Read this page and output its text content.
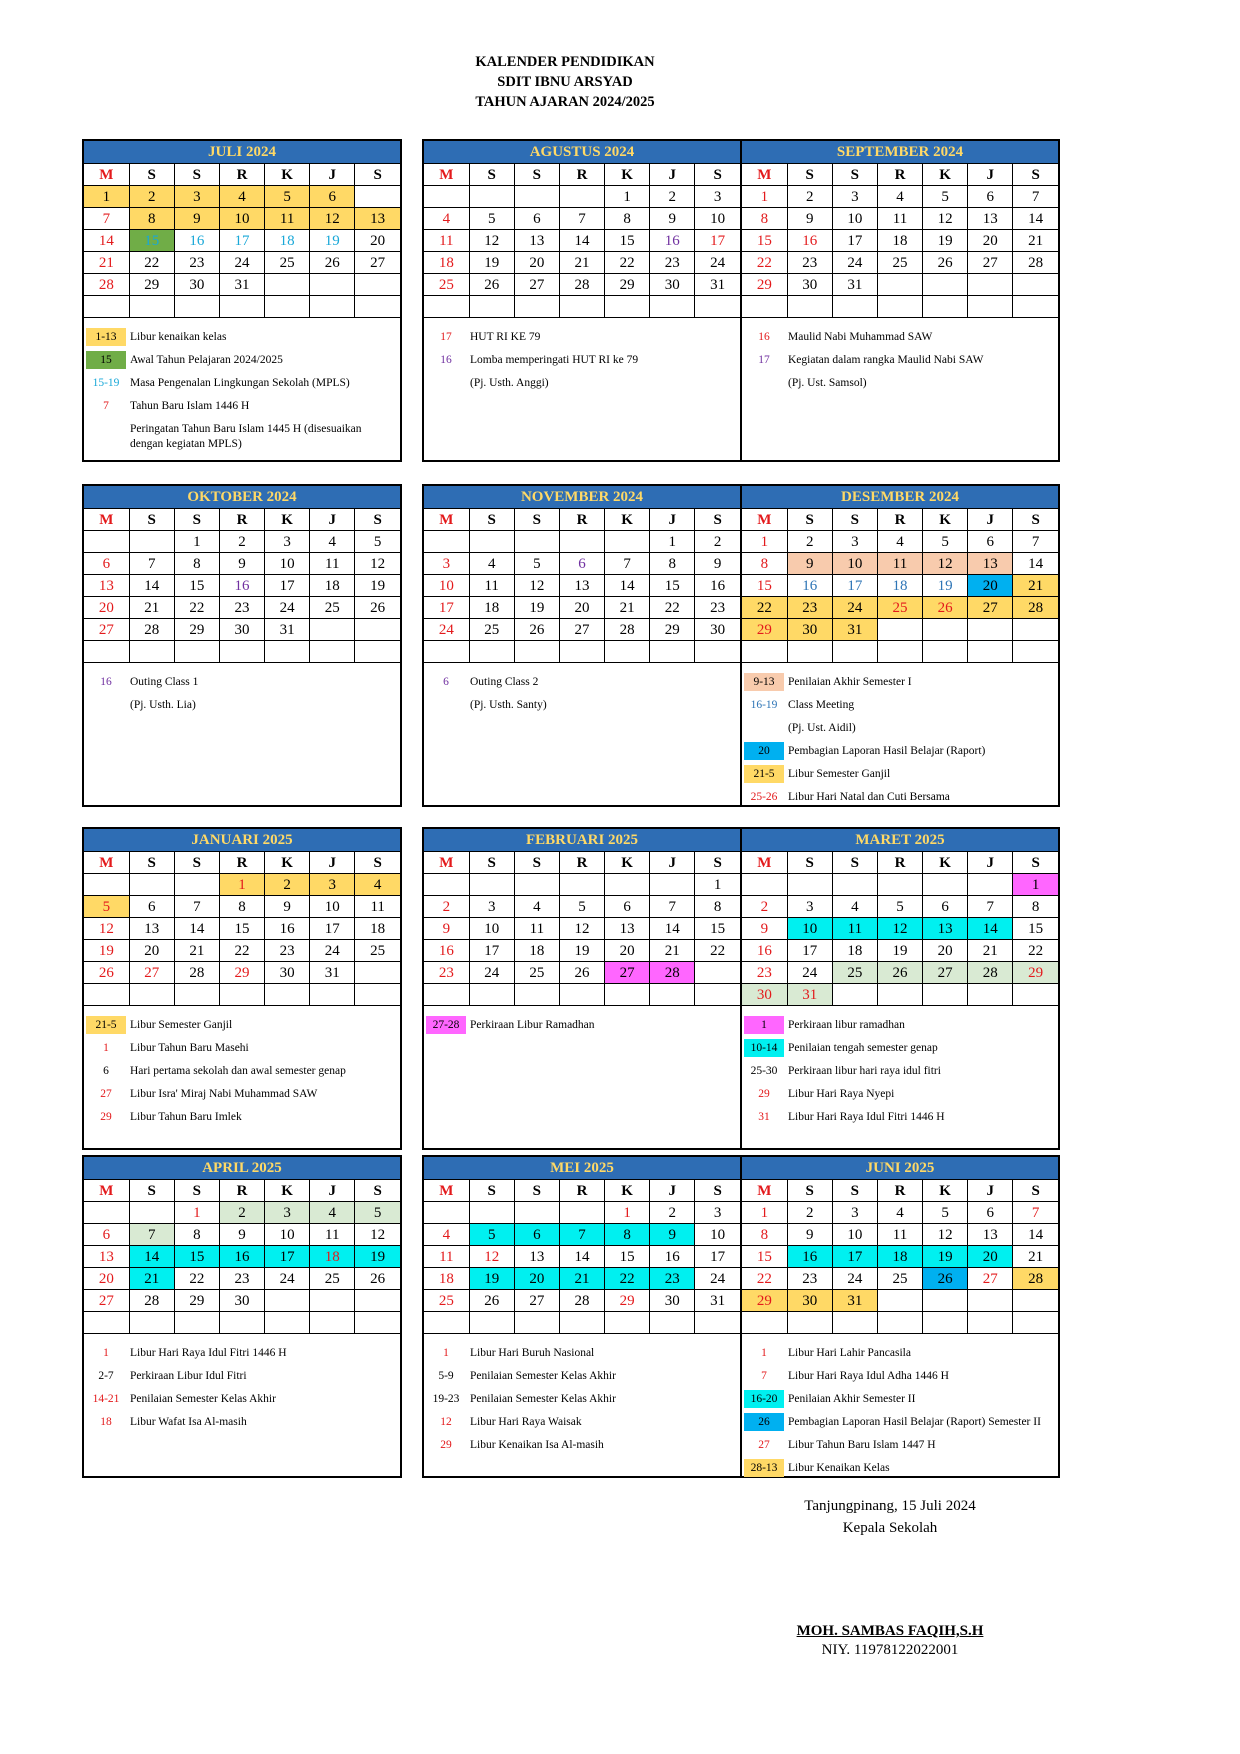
KALENDER PENDIDIKAN
SDIT IBNU ARSYAD
TAHUN AJARAN 2024/2025
JULI 2024
M	S	S	R	K	J	S
1	2	3	4	5	6	
7	8	9	10	11	12	13
14	15	16	17	18	19	20
21	22	23	24	25	26	27
28	29	30	31			

1-13	Libur kenaikan kelas
15	Awal Tahun Pelajaran 2024/2025
15-19 Masa Pengenalan Lingkungan Sekolah (MPLS)
7	Tahun Baru Islam 1446 H
Peringatan Tahun Baru Islam 1445 H (disesuaikan dengan kegiatan MPLS)
AGUSTUS 2024
M	S	S	R	K	J	S
				1	2	3
4	5	6	7	8	9	10
11	12	13	14	15	16	17
18	19	20	21	22	23	24
25	26	27	28	29	30	31

17	HUT RI KE 79
16	Lomba memperingati HUT RI ke 79
(Pj. Usth. Anggi)
SEPTEMBER 2024
M	S	S	R	K	J	S
1	2	3	4	5	6	7
8	9	10	11	12	13	14
15	16	17	18	19	20	21
22	23	24	25	26	27	28
29	30	31				

16	Maulid Nabi Muhammad SAW
17	Kegiatan dalam rangka Maulid Nabi SAW
(Pj. Ust. Samsol)
OKTOBER 2024
M	S	S	R	K	J	S
		1	2	3	4	5
6	7	8	9	10	11	12
13	14	15	16	17	18	19
20	21	22	23	24	25	26
27	28	29	30	31		

16	Outing Class 1
(Pj. Usth. Lia)
NOVEMBER 2024
M	S	S	R	K	J	S
					1	2
3	4	5	6	7	8	9
10	11	12	13	14	15	16
17	18	19	20	21	22	23
24	25	26	27	28	29	30

6	Outing Class 2
(Pj. Usth. Santy)
DESEMBER 2024
M	S	S	R	K	J	S
1	2	3	4	5	6	7
8	9	10	11	12	13	14
15	16	17	18	19	20	21
22	23	24	25	26	27	28
29	30	31				

9-13	Penilaian Akhir Semester I
16-19 Class Meeting
(Pj. Ust. Aidil)
20	Pembagian Laporan Hasil Belajar (Raport)
21-5	Libur Semester Ganjil
25-26 Libur Hari Natal dan Cuti Bersama
JANUARI 2025
M	S	S	R	K	J	S
			1	2	3	4
5	6	7	8	9	10	11
12	13	14	15	16	17	18
19	20	21	22	23	24	25
26	27	28	29	30	31	

21-5	Libur Semester Ganjil
1	Libur Tahun Baru Masehi
6	Hari pertama sekolah dan awal semester genap
27	Libur Isra' Miraj Nabi Muhammad SAW
29	Libur Tahun Baru Imlek
FEBRUARI 2025
M	S	S	R	K	J	S
						1
2	3	4	5	6	7	8
9	10	11	12	13	14	15
16	17	18	19	20	21	22
23	24	25	26	27	28	

27-28 Perkiraan Libur Ramadhan
MARET 2025
M	S	S	R	K	J	S
						1
2	3	4	5	6	7	8
9	10	11	12	13	14	15
16	17	18	19	20	21	22
23	24	25	26	27	28	29
30	31					
1	Perkiraan libur ramadhan
10-14 Penilaian tengah semester genap
25-30 Perkiraan libur hari raya idul fitri
29	Libur Hari Raya Nyepi
31	Libur Hari Raya Idul Fitri 1446 H
APRIL 2025
M	S	S	R	K	J	S
		1	2	3	4	5
6	7	8	9	10	11	12
13	14	15	16	17	18	19
20	21	22	23	24	25	26
27	28	29	30			

1	Libur Hari Raya Idul Fitri 1446 H
2-7	Perkiraan Libur Idul Fitri
14-21 Penilaian Semester Kelas Akhir
18	Libur Wafat Isa Al-masih
MEI 2025
M	S	S	R	K	J	S
				1	2	3
4	5	6	7	8	9	10
11	12	13	14	15	16	17
18	19	20	21	22	23	24
25	26	27	28	29	30	31

1	Libur Hari Buruh Nasional
5-9	Penilaian Semester Kelas Akhir
19-23 Penilaian Semester Kelas Akhir
12	Libur Hari Raya Waisak
29	Libur Kenaikan Isa Al-masih
JUNI 2025
M	S	S	R	K	J	S
1	2	3	4	5	6	7
8	9	10	11	12	13	14
15	16	17	18	19	20	21
22	23	24	25	26	27	28
29	30	31				

1	Libur Hari Lahir Pancasila
7	Libur Hari Raya Idul Adha 1446 H
16-20 Penilaian Akhir Semester II
26	Pembagian Laporan Hasil Belajar (Raport) Semester II
27	Libur Tahun Baru Islam 1447 H
28-13 Libur Kenaikan Kelas
Tanjungpinang, 15 Juli 2024
Kepala Sekolah
MOH. SAMBAS FAQIH,S.H
NIY. 11978122022001
